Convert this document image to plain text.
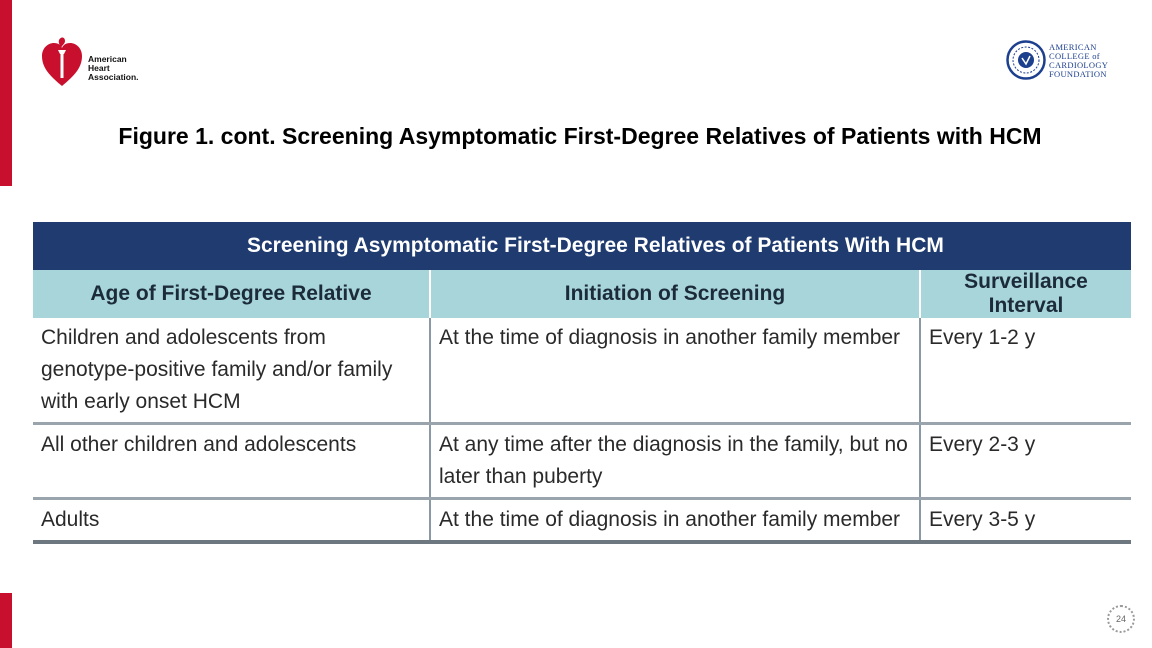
American
Heart
Association.
AMERICAN
COLLEGE of
CARDIOLOGY
FOUNDATION
Figure 1. cont. Screening Asymptomatic First-Degree Relatives of Patients with HCM
Screening Asymptomatic First-Degree Relatives of Patients With HCM
Age of First-Degree Relative	Initiation of Screening	Surveillance Interval
Children and adolescents from genotype-positive family and/or family with early onset HCM	At the time of diagnosis in another family member	Every 1-2 y
All other children and adolescents	At any time after the diagnosis in the family, but no later than puberty	Every 2-3 y
Adults	At the time of diagnosis in another family member	Every 3-5 y
24
